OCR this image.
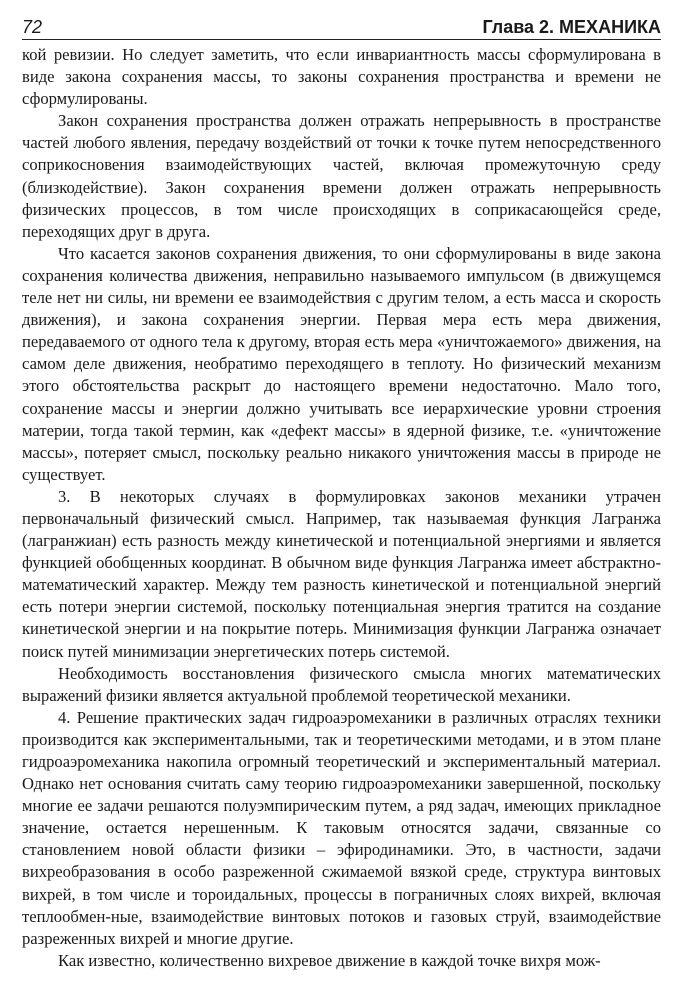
72	Глава 2. МЕХАНИКА

кой ревизии. Но следует заметить, что если инвариантность массы сформулирована в виде закона сохранения массы, то законы сохранения пространства и времени не сформулированы.

Закон сохранения пространства должен отражать непрерывность в пространстве частей любого явления, передачу воздействий от точки к точке путем непосредственного соприкосновения взаимодействующих частей, включая промежуточную среду (близкодействие). Закон сохранения времени должен отражать непрерывность физических процессов, в том числе происходящих в соприкасающейся среде, переходящих друг в друга.

Что касается законов сохранения движения, то они сформулированы в виде закона сохранения количества движения, неправильно называемого импульсом (в движущемся теле нет ни силы, ни времени ее взаимодействия с другим телом, а есть масса и скорость движения), и закона сохранения энергии. Первая мера есть мера движения, передаваемого от одного тела к другому, вторая есть мера «уничтожаемого» движения, на самом деле движения, необратимо переходящего в теплоту. Но физический механизм этого обстоятельства раскрыт до настоящего времени недостаточно. Мало того, сохранение массы и энергии должно учитывать все иерархические уровни строения материи, тогда такой термин, как «дефект массы» в ядерной физике, т.е. «уничтожение массы», потеряет смысл, поскольку реально никакого уничтожения массы в природе не существует.

3. В некоторых случаях в формулировках законов механики утрачен первоначальный физический смысл. Например, так называемая функция Лагранжа (лагранжиан) есть разность между кинетической и потенциальной энергиями и является функцией обобщенных координат. В обычном виде функция Лагранжа имеет абстрактно-математический характер. Между тем разность кинетической и потенциальной энергий есть потери энергии системой, поскольку потенциальная энергия тратится на создание кинетической энергии и на покрытие потерь. Минимизация функции Лагранжа означает поиск путей минимизации энергетических потерь системой.

Необходимость восстановления физического смысла многих математических выражений физики является актуальной проблемой теоретической механики.

4. Решение практических задач гидроаэромеханики в различных отраслях техники производится как экспериментальными, так и теоретическими методами, и в этом плане гидроаэромеханика накопила огромный теоретический и экспериментальный материал. Однако нет основания считать саму теорию гидроаэромеханики завершенной, поскольку многие ее задачи решаются полуэмпирическим путем, а ряд задач, имеющих прикладное значение, остается нерешенным. К таковым относятся задачи, связанные со становлением новой области физики – эфиродинамики. Это, в частности, задачи вихреобразования в особо разреженной сжимаемой вязкой среде, структура винтовых вихрей, в том числе и тороидальных, процессы в пограничных слоях вихрей, включая теплообмен-ные, взаимодействие винтовых потоков и газовых струй, взаимодействие разреженных вихрей и многие другие.

Как известно, количественно вихревое движение в каждой точке вихря мож-
